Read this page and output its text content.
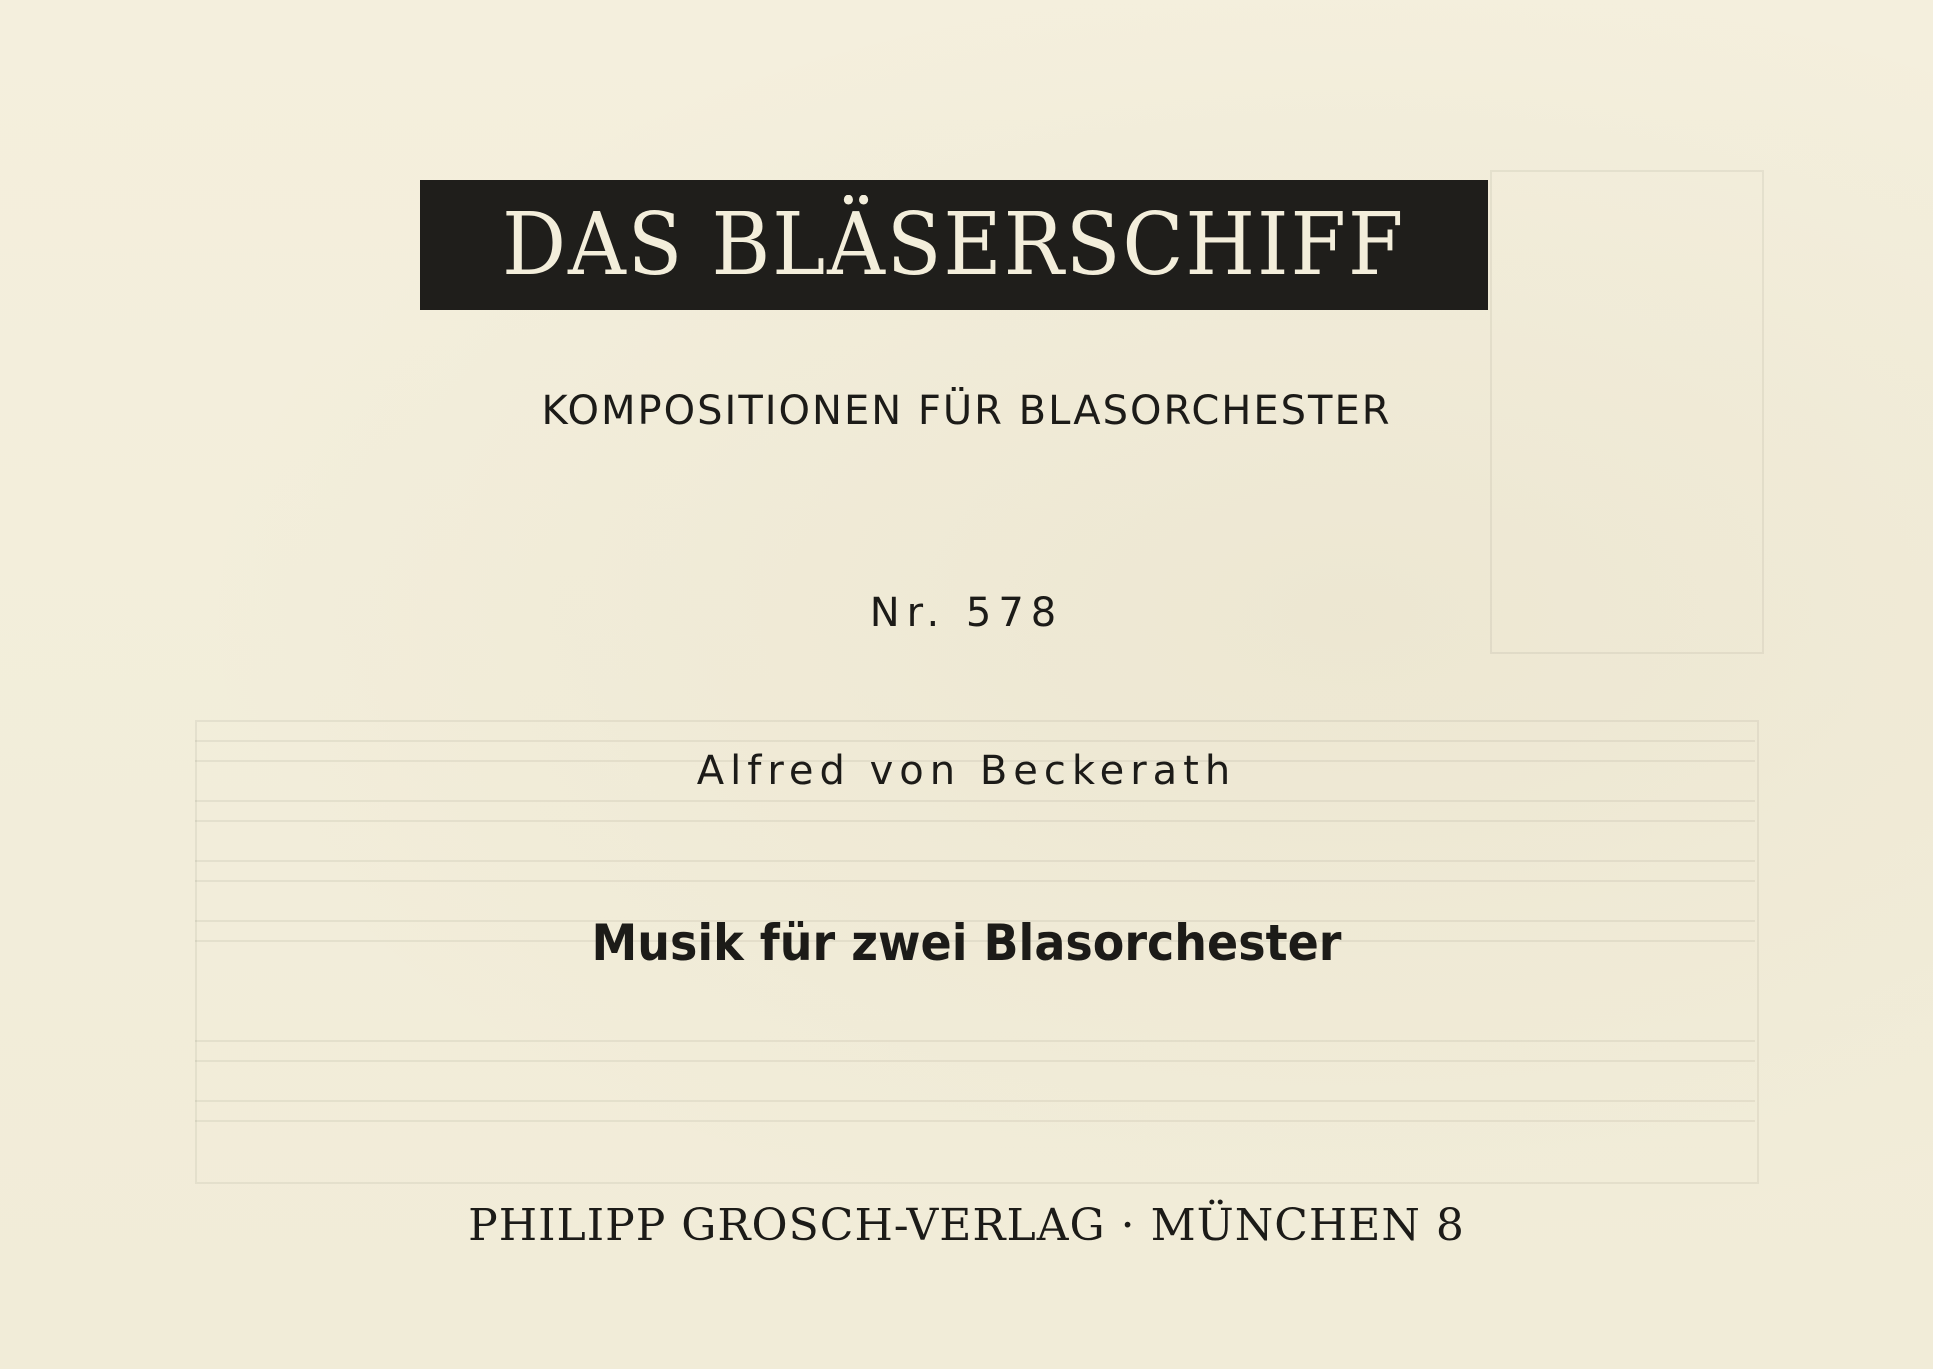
DAS BLÄSERSCHIFF
KOMPOSITIONEN FÜR BLASORCHESTER
Nr. 578
Alfred von Beckerath
Musik für zwei Blasorchester
PHILIPP GROSCH-VERLAG · MÜNCHEN 8
